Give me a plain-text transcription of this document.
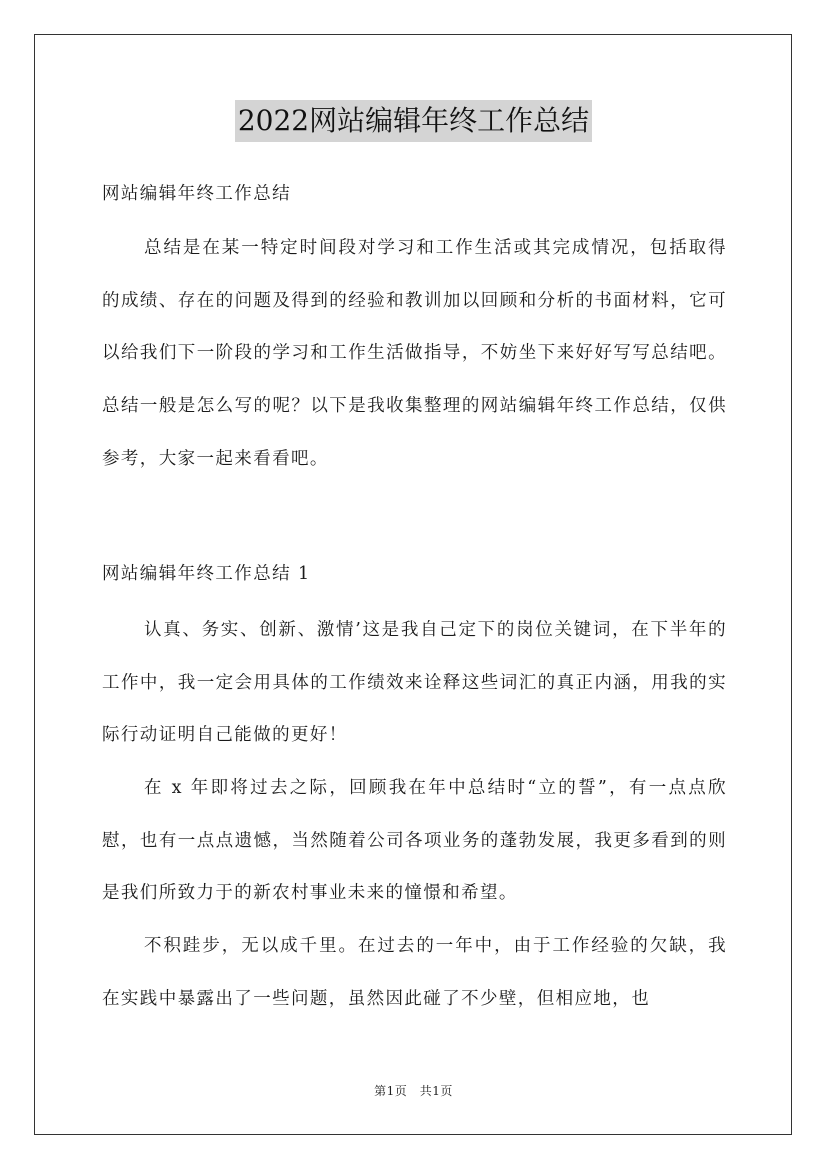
2022网站编辑年终工作总结

网站编辑年终工作总结

总结是在某一特定时间段对学习和工作生活或其完成情况，包括取得的成绩、存在的问题及得到的经验和教训加以回顾和分析的书面材料，它可以给我们下一阶段的学习和工作生活做指导，不妨坐下来好好写写总结吧。总结一般是怎么写的呢？以下是我收集整理的网站编辑年终工作总结，仅供参考，大家一起来看看吧。

网站编辑年终工作总结 1

认真、务实、创新、激情’这是我自己定下的岗位关键词，在下半年的工作中，我一定会用具体的工作绩效来诠释这些词汇的真正内涵，用我的实际行动证明自己能做的更好！

在 x 年即将过去之际，回顾我在年中总结时“立的誓”，有一点点欣慰，也有一点点遗憾，当然随着公司各项业务的蓬勃发展，我更多看到的则是我们所致力于的新农村事业未来的憧憬和希望。

不积跬步，无以成千里。在过去的一年中，由于工作经验的欠缺，我在实践中暴露出了一些问题，虽然因此碰了不少壁，但相应地，也

第1页　共1页
